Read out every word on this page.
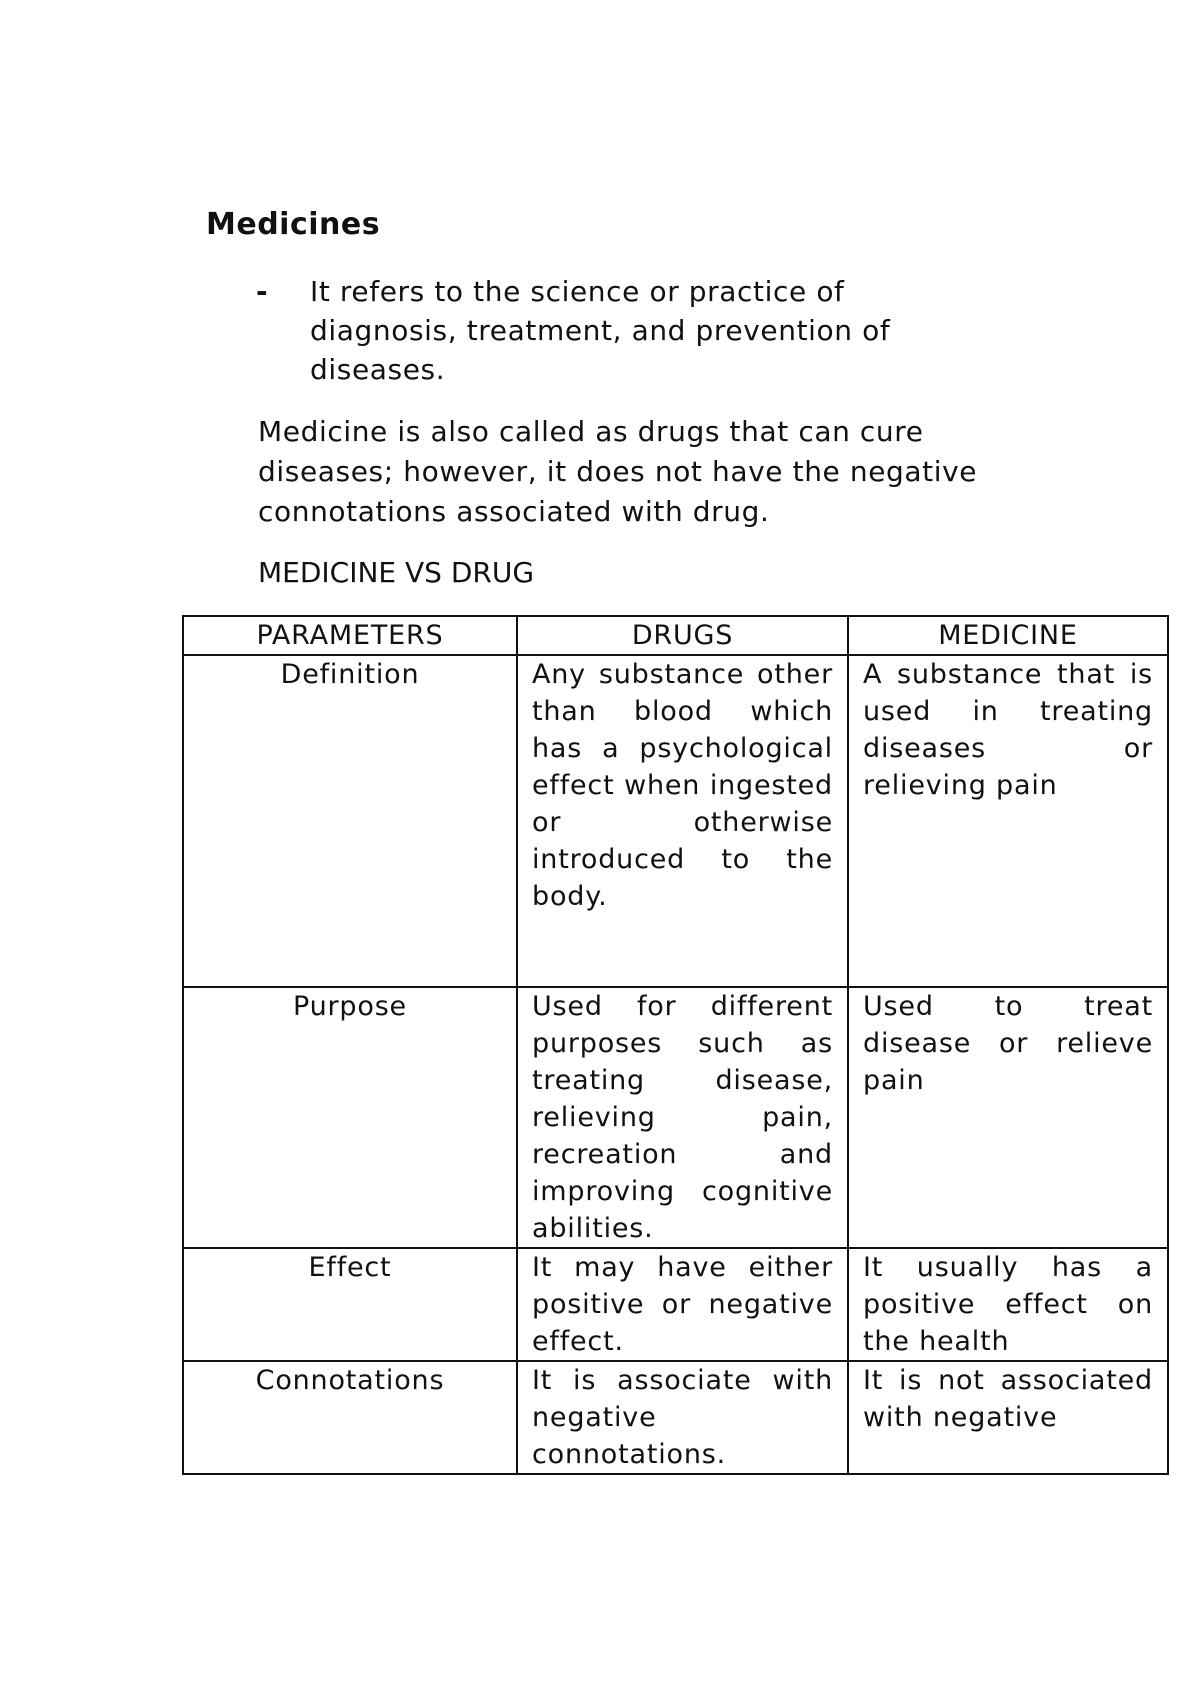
Medicines
- It refers to the science or practice of diagnosis, treatment, and prevention of diseases.
Medicine is also called as drugs that can cure diseases; however, it does not have the negative connotations associated with drug.
MEDICINE VS DRUG
PARAMETERS	DRUGS	MEDICINE
Definition	Any substance other than blood which has a psychological effect when ingested or otherwise introduced to the body.	A substance that is used in treating diseases or relieving pain
Purpose	Used for different purposes such as treating disease, relieving pain, recreation and improving cognitive abilities.	Used to treat disease or relieve pain
Effect	It may have either positive or negative effect.	It usually has a positive effect on the health
Connotations	It is associate with negative connotations.	It is not associated with negative
